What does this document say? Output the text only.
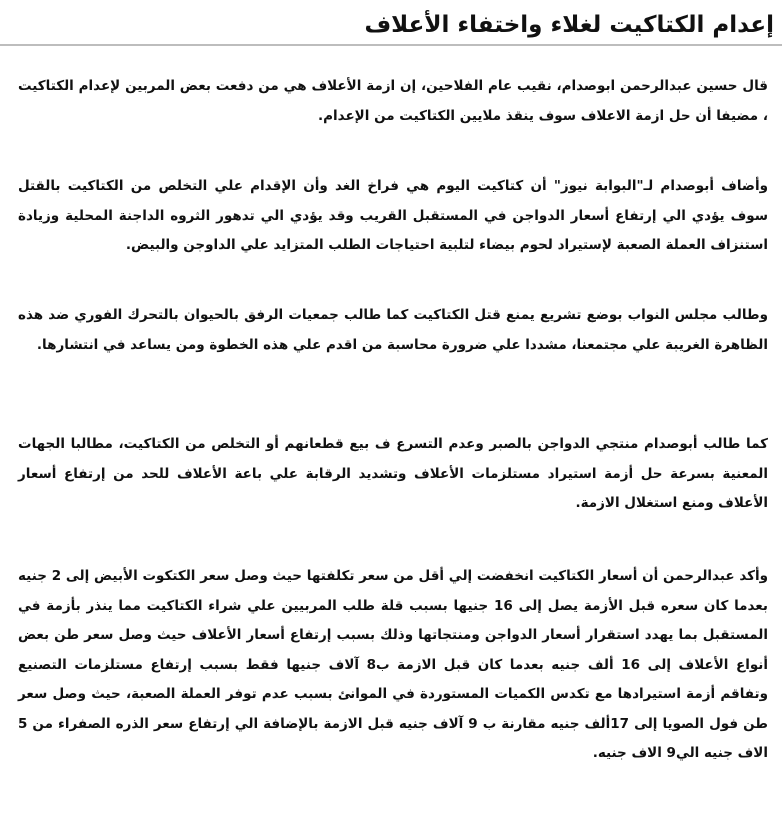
إعدام الكتاكيت لغلاء واختفاء الأعلاف

قال حسين عبدالرحمن ابوصدام، نقيب عام الفلاحين، إن ازمة الأعلاف هي من دفعت بعض المربين لإعدام الكتاكيت ، مضيفا أن حل ازمة الاعلاف سوف ينقذ ملايين الكتاكيت من الإعدام.

وأضاف أبوصدام لـ"البوابة نيوز" أن كتاكيت اليوم هي فراخ الغد وأن الإقدام علي التخلص من الكتاكيت بالقتل سوف يؤدي الي إرتفاع أسعار الدواجن في المستقبل القريب وقد يؤدي الي تدهور الثروه الداجنة المحلية وزيادة استنزاف العملة الصعبة لإستيراد لحوم بيضاء لتلبية احتياجات الطلب المتزايد علي الداوجن والبيض.

وطالب مجلس النواب بوضع تشريع يمنع قتل الكتاكيت كما طالب جمعيات الرفق بالحيوان بالتحرك الفوري ضد هذه الظاهرة الغريبة علي مجتمعنا، مشددا علي ضرورة محاسبة من اقدم علي هذه الخطوة ومن يساعد في انتشارها.

كما طالب أبوصدام منتجي الدواجن بالصبر وعدم التسرع ف بيع قطعانهم أو التخلص من الكتاكيت، مطالبا الجهات المعنية بسرعة حل أزمة استيراد مستلزمات الأعلاف وتشديد الرقابة علي باعة الأعلاف للحد من إرتفاع أسعار الأعلاف ومنع استغلال الازمة.

وأكد عبدالرحمن أن أسعار الكتاكيت انخفضت إلي أقل من سعر تكلفتها حيث وصل سعر الكتكوت الأبيض إلى 2 جنيه بعدما كان سعره قبل الأزمة يصل إلى 16 جنيها بسبب قلة طلب المربيين علي شراء الكتاكيت مما ينذر بأزمة في المستقبل بما يهدد استقرار أسعار الدواجن ومنتجاتها وذلك بسبب إرتفاع أسعار الأعلاف حيث وصل سعر طن بعض أنواع الأعلاف إلى 16 ألف جنيه بعدما كان قبل الازمة ب8 آلاف جنيها فقط بسبب إرتفاع مستلزمات التصنيع وتفاقم أزمة استيرادها مع تكدس الكميات المستوردة في الموانئ بسبب عدم توفر العملة الصعبة، حيث وصل سعر طن فول الصويا إلى 17ألف جنيه مقارنة ب 9 آلاف جنيه قبل الازمة بالإضافة الي إرتفاع سعر الذره الصفراء من 5 الاف جنيه الي9 الاف جنيه.
